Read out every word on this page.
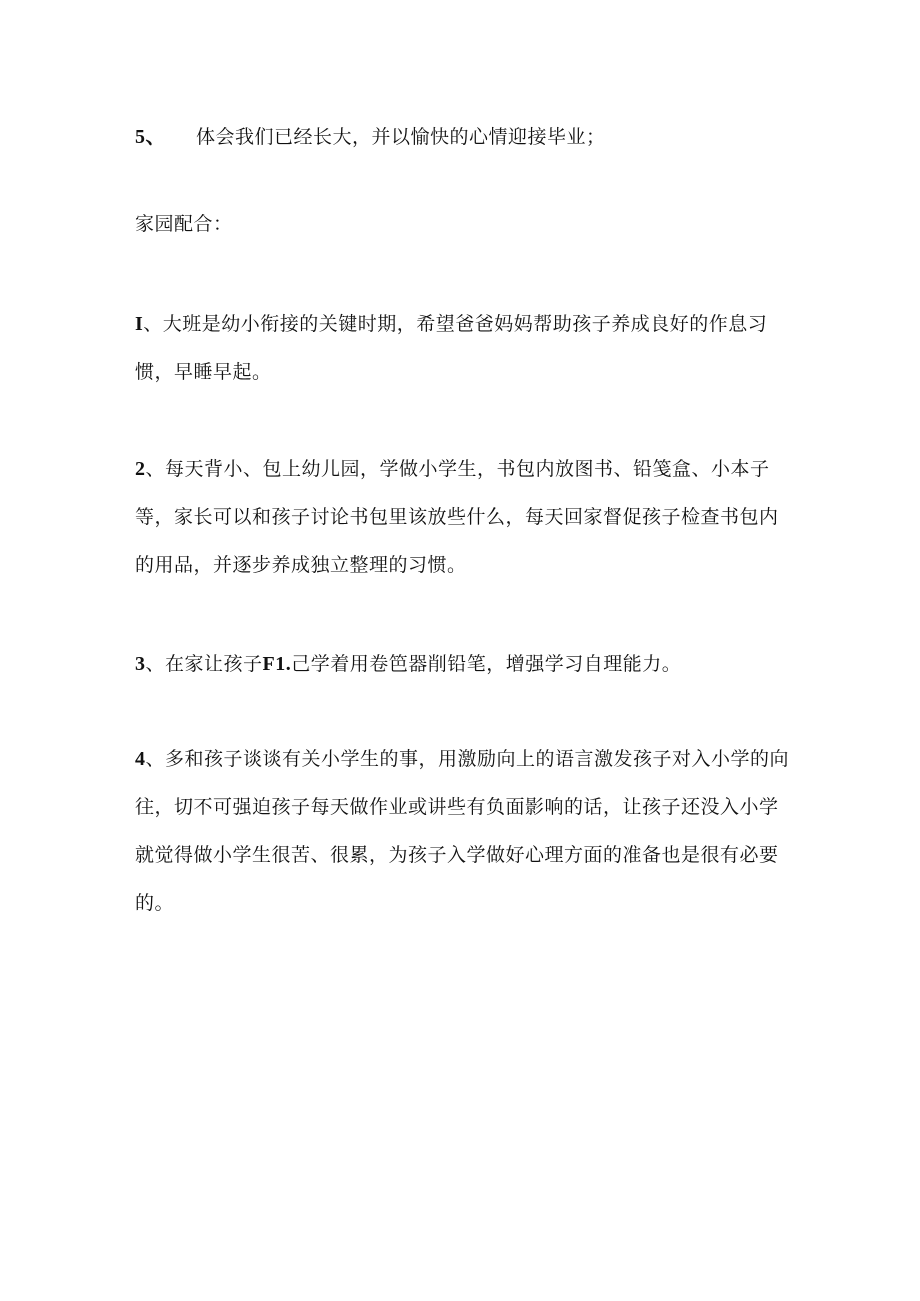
5、 体会我们已经长大，并以愉快的心情迎接毕业；

家园配合：

I、大班是幼小衔接的关键时期，希望爸爸妈妈帮助孩子养成良好的作息习惯，早睡早起。

2、每天背小、包上幼儿园，学做小学生，书包内放图书、铅笺盒、小本子等，家长可以和孩子讨论书包里该放些什么，每天回家督促孩子检查书包内的用品，并逐步养成独立整理的习惯。

3、在家让孩子F1.己学着用卷笆器削铅笔，增强学习自理能力。

4、多和孩子谈谈有关小学生的事，用激励向上的语言激发孩子对入小学的向往，切不可强迫孩子每天做作业或讲些有负面影响的话，让孩子还没入小学就觉得做小学生很苦、很累，为孩子入学做好心理方面的准备也是很有必要的。
